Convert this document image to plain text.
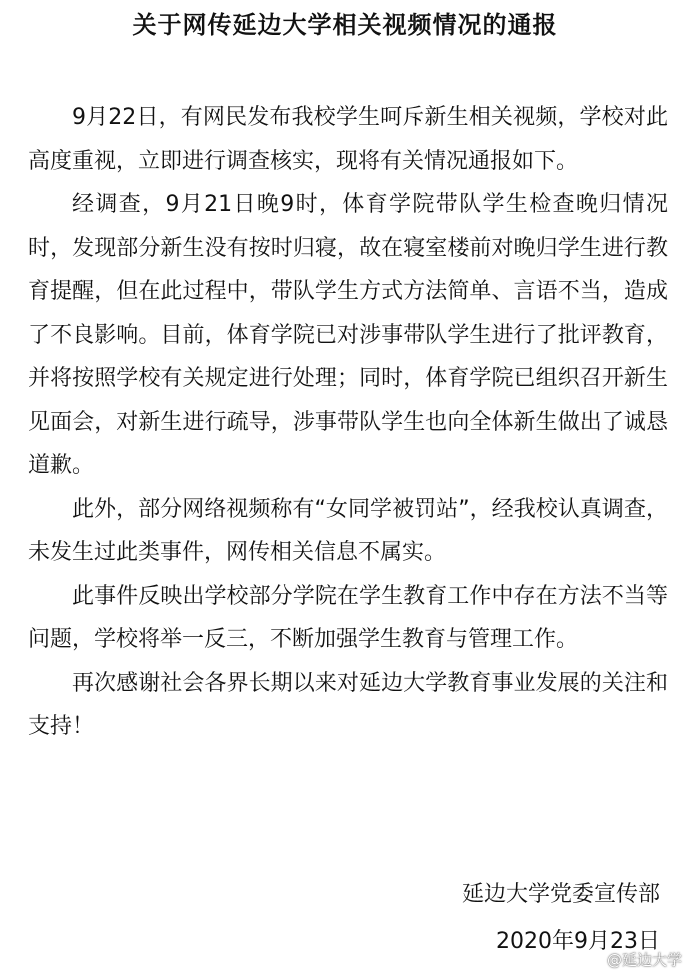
关于网传延边大学相关视频情况的通报

9月22日，有网民发布我校学生呵斥新生相关视频，学校对此高度重视，立即进行调查核实，现将有关情况通报如下。

经调查，9月21日晚9时，体育学院带队学生检查晚归情况时，发现部分新生没有按时归寝，故在寝室楼前对晚归学生进行教育提醒，但在此过程中，带队学生方式方法简单、言语不当，造成了不良影响。目前，体育学院已对涉事带队学生进行了批评教育，并将按照学校有关规定进行处理；同时，体育学院已组织召开新生见面会，对新生进行疏导，涉事带队学生也向全体新生做出了诚恳道歉。

此外，部分网络视频称有“女同学被罚站”，经我校认真调查，未发生过此类事件，网传相关信息不属实。

此事件反映出学校部分学院在学生教育工作中存在方法不当等问题，学校将举一反三，不断加强学生教育与管理工作。

再次感谢社会各界长期以来对延边大学教育事业发展的关注和支持！

延边大学党委宣传部
2020年9月23日
@延边大学
